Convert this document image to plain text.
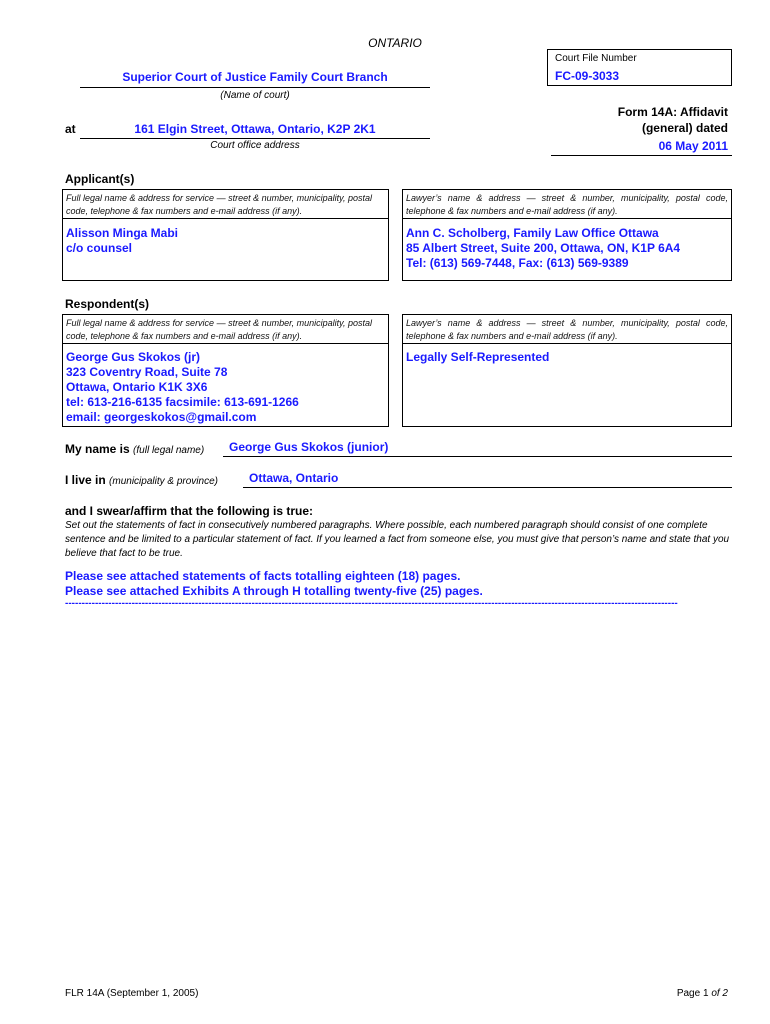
ONTARIO
Court File Number
FC-09-3033
Superior Court of Justice Family Court Branch
(Name of court)
at	161 Elgin Street, Ottawa, Ontario, K2P 2K1
Court office address
Form 14A: Affidavit
(general) dated
06 May 2011
Applicant(s)
Full legal name & address for service — street & number, municipality, postal code, telephone & fax numbers and e-mail address (if any).
Alisson Minga Mabi
c/o counsel
Lawyer’s name & address — street & number, municipality, postal code, telephone & fax numbers and e-mail address (if any).
Ann C. Scholberg, Family Law Office Ottawa
85 Albert Street, Suite 200, Ottawa, ON, K1P 6A4
Tel: (613) 569-7448, Fax: (613) 569-9389
Respondent(s)
Full legal name & address for service — street & number, municipality, postal code, telephone & fax numbers and e-mail address (if any).
George Gus Skokos (jr)
323 Coventry Road, Suite 78
Ottawa, Ontario K1K 3X6
tel: 613-216-6135 facsimile: 613-691-1266
email: georgeskokos@gmail.com
Lawyer’s name & address — street & number, municipality, postal code, telephone & fax numbers and e-mail address (if any).
Legally Self-Represented
My name is (full legal name) George Gus Skokos (junior)
I live in (municipality & province)	Ottawa, Ontario
and I swear/affirm that the following is true:
Set out the statements of fact in consecutively numbered paragraphs. Where possible, each numbered paragraph should consist of one complete sentence and be limited to a particular statement of fact. If you learned a fact from someone else, you must give that person’s name and state that you believe that fact to be true.
Please see attached statements of facts totalling eighteen (18) pages.
Please see attached Exhibits A through H totalling twenty-five (25) pages.
----------------------------------------------------------------------------------------------------------------------------------------------------------------------------------------
FLR 14A (September 1, 2005)	Page 1 of 2
